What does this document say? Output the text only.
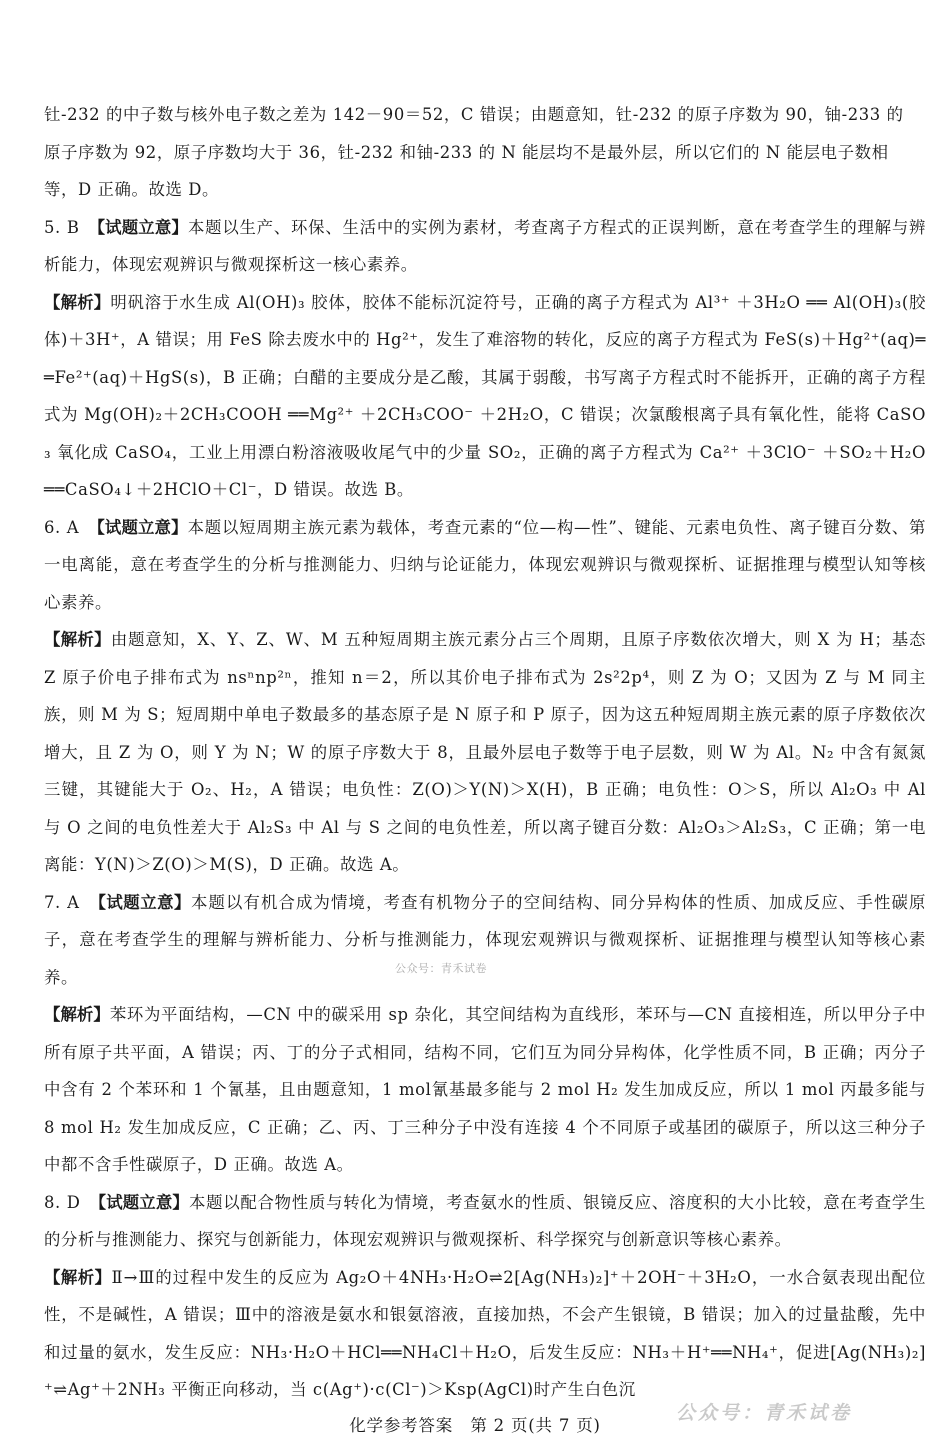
钍-232 的中子数与核外电子数之差为 142－90＝52，C 错误；由题意知，钍-232 的原子序数为 90，铀-233 的

原子序数为 92，原子序数均大于 36，钍-232 和铀-233 的 N 能层均不是最外层，所以它们的 N 能层电子数相

等，D 正确。故选 D。

5. B　 【试题立意】本题以生产、环保、生活中的实例为素材，考查离子方程式的正误判断，意在考查学生的理解与辨析能力，体现宏观辨识与微观探析这一核心素养。

【解析】明矾溶于水生成 Al(OH)₃ 胶体，胶体不能标沉淀符号，正确的离子方程式为 Al³⁺ ＋3H₂O ══ Al(OH)₃(胶体)＋3H⁺，A 错误；用 FeS 除去废水中的 Hg²⁺，发生了难溶物的转化，反应的离子方程式为 FeS(s)＋Hg²⁺(aq)══Fe²⁺(aq)＋HgS(s)，B 正确；白醋的主要成分是乙酸，其属于弱酸，书写离子方程式时不能拆开，正确的离子方程式为 Mg(OH)₂＋2CH₃COOH ══Mg²⁺ ＋2CH₃COO⁻ ＋2H₂O，C 错误；次氯酸根离子具有氧化性，能将 CaSO₃ 氧化成 CaSO₄，工业上用漂白粉溶液吸收尾气中的少量 SO₂，正确的离子方程式为 Ca²⁺ ＋3ClO⁻ ＋SO₂＋H₂O ══CaSO₄↓＋2HClO＋Cl⁻，D 错误。故选 B。

6. A　 【试题立意】本题以短周期主族元素为载体，考查元素的“位—构—性”、键能、元素电负性、离子键百分数、第一电离能，意在考查学生的分析与推测能力、归纳与论证能力，体现宏观辨识与微观探析、证据推理与模型认知等核心素养。

【解析】由题意知，X、Y、Z、W、M 五种短周期主族元素分占三个周期，且原子序数依次增大，则 X 为 H；基态 Z 原子价电子排布式为 nsⁿnp²ⁿ，推知 n＝2，所以其价电子排布式为 2s²2p⁴，则 Z 为 O；又因为 Z 与 M 同主族，则 M 为 S；短周期中单电子数最多的基态原子是 N 原子和 P 原子，因为这五种短周期主族元素的原子序数依次增大，且 Z 为 O，则 Y 为 N；W 的原子序数大于 8，且最外层电子数等于电子层数，则 W 为 Al。N₂ 中含有氮氮三键，其键能大于 O₂、H₂，A 错误；电负性：Z(O)＞Y(N)＞X(H)，B 正确；电负性：O＞S，所以 Al₂O₃ 中 Al 与 O 之间的电负性差大于 Al₂S₃ 中 Al 与 S 之间的电负性差，所以离子键百分数：Al₂O₃＞Al₂S₃，C 正确；第一电离能：Y(N)＞Z(O)＞M(S)，D 正确。故选 A。

7. A　 【试题立意】本题以有机合成为情境，考查有机物分子的空间结构、同分异构体的性质、加成反应、手性碳原子，意在考查学生的理解与辨析能力、分析与推测能力，体现宏观辨识与微观探析、证据推理与模型认知等核心素养。

【解析】苯环为平面结构，—CN 中的碳采用 sp 杂化，其空间结构为直线形，苯环与—CN 直接相连，所以甲分子中所有原子共平面，A 错误；丙、丁的分子式相同，结构不同，它们互为同分异构体，化学性质不同，B 正确；丙分子中含有 2 个苯环和 1 个氰基，且由题意知，1 mol氰基最多能与 2 mol H₂ 发生加成反应，所以 1 mol 丙最多能与 8 mol H₂ 发生加成反应，C 正确；乙、丙、丁三种分子中没有连接 4 个不同原子或基团的碳原子，所以这三种分子中都不含手性碳原子，D 正确。故选 A。

8. D　 【试题立意】本题以配合物性质与转化为情境，考查氨水的性质、银镜反应、溶度积的大小比较，意在考查学生的分析与推测能力、探究与创新能力，体现宏观辨识与微观探析、科学探究与创新意识等核心素养。

【解析】Ⅱ→Ⅲ的过程中发生的反应为 Ag₂O＋4NH₃·H₂O⇌2[Ag(NH₃)₂]⁺＋2OH⁻＋3H₂O，一水合氨表现出配位性，不是碱性，A 错误；Ⅲ中的溶液是氨水和银氨溶液，直接加热，不会产生银镜，B 错误；加入的过量盐酸，先中和过量的氨水，发生反应：NH₃·H₂O＋HCl══NH₄Cl＋H₂O，后发生反应：NH₃＋H⁺══NH₄⁺，促进[Ag(NH₃)₂]⁺⇌Ag⁺＋2NH₃ 平衡正向移动，当 c(Ag⁺)·c(Cl⁻)＞Ksp(AgCl)时产生白色沉

公众号：青禾试卷
化学参考答案　第 2 页(共 7 页)
公众号：青禾试卷
